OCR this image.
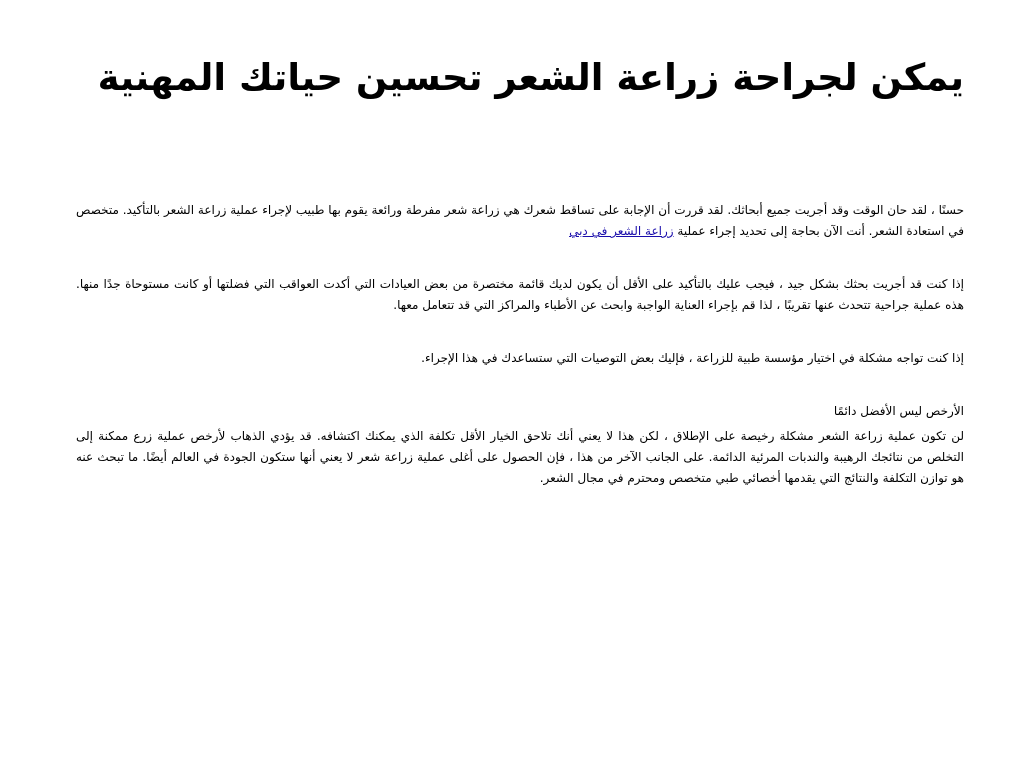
يمكن لجراحة زراعة الشعر تحسين حياتك المهنية

حسنًا ، لقد حان الوقت وقد أجريت جميع أبحاثك. لقد قررت أن الإجابة على تساقط شعرك هي زراعة شعر مفرطة ورائعة يقوم بها طبيب لإجراء عملية زراعة الشعر بالتأكيد. متخصص في استعادة الشعر. أنت الآن بحاجة إلى تحديد إجراء عملية زراعة الشعر في دبي

إذا كنت قد أجريت بحثك بشكل جيد ، فيجب عليك بالتأكيد على الأقل أن يكون لديك قائمة مختصرة من بعض العيادات التي أكدت العواقب التي فضلتها أو كانت مستوحاة جدًا منها. هذه عملية جراحية تتحدث عنها تقريبًا ، لذا قم بإجراء العناية الواجبة وابحث عن الأطباء والمراكز التي قد تتعامل معها.

إذا كنت تواجه مشكلة في اختيار مؤسسة طبية للزراعة ، فإليك بعض التوصيات التي ستساعدك في هذا الإجراء.

الأرخص ليس الأفضل دائمًا

لن تكون عملية زراعة الشعر مشكلة رخيصة على الإطلاق ، لكن هذا لا يعني أنك تلاحق الخيار الأقل تكلفة الذي يمكنك اكتشافه. قد يؤدي الذهاب لأرخص عملية زرع ممكنة إلى التخلص من نتائجك الرهيبة والندبات المرئية الدائمة. على الجانب الآخر من هذا ، فإن الحصول على أغلى عملية زراعة شعر لا يعني أنها ستكون الجودة في العالم أيضًا. ما تبحث عنه هو توازن التكلفة والنتائج التي يقدمها أخصائي طبي متخصص ومحترم في مجال الشعر.
